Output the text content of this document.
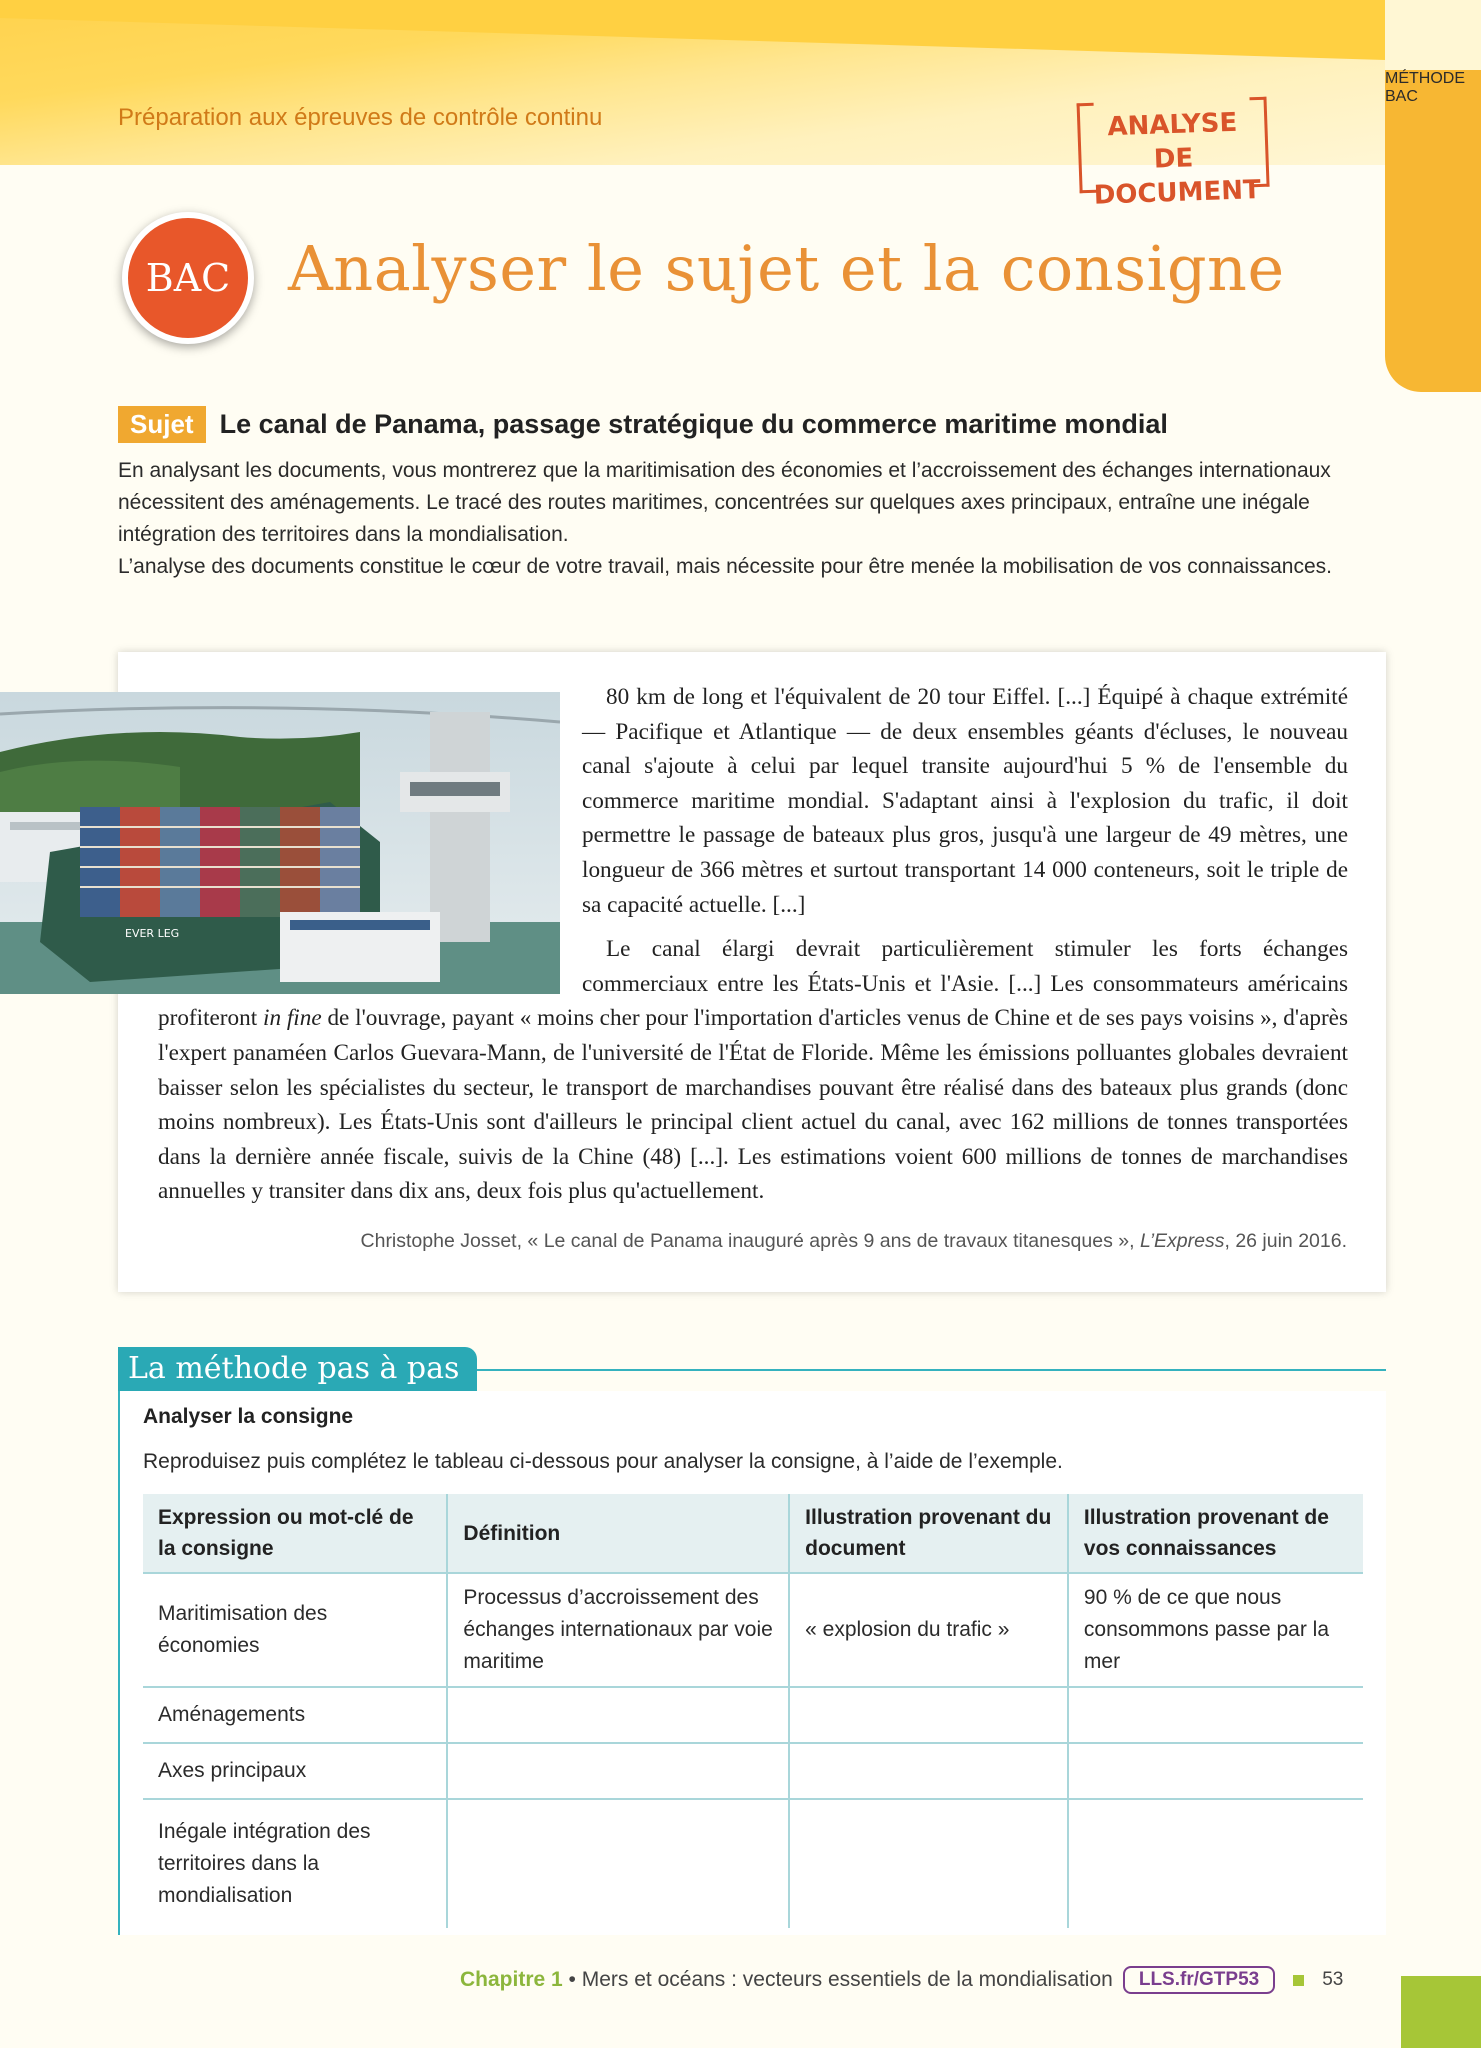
Préparation aux épreuves de contrôle continu	ANALYSE DE
DOCUMENT
MÉTHODE BAC
BAC Analyser le sujet et la consigne
Sujet Le canal de Panama, passage stratégique du commerce maritime mondial

En analysant les documents, vous montrerez que la maritimisation des économies et l’accroissement des échanges internationaux nécessitent des aménagements. Le tracé des routes maritimes, concentrées sur quelques axes principaux, entraîne une inégale intégration des territoires dans la mondialisation.

L’analyse des documents constitue le cœur de votre travail, mais nécessite pour être menée la mobilisation de vos connaissances.

EVER LEG

80 km de long et l'équivalent de 20 tour Eiffel. [...] Équipé à chaque extrémité — Pacifique et Atlantique — de deux ensembles géants d'écluses, le nouveau canal s'ajoute à celui par lequel transite aujourd'hui 5 % de l'ensemble du commerce maritime mondial. S'adaptant ainsi à l'explosion du trafic, il doit permettre le passage de bateaux plus gros, jusqu'à une largeur de 49 mètres, une longueur de 366 mètres et surtout transportant 14 000 conteneurs, soit le triple de sa capacité actuelle. [...]

Le canal élargi devrait particulièrement stimuler les forts échanges commerciaux entre les États-Unis et l'Asie. [...] Les consommateurs américains profiteront in fine de l'ouvrage, payant « moins cher pour l'importation d'articles venus de Chine et de ses pays voisins », d'après l'expert panaméen Carlos Guevara-Mann, de l'université de l'État de Floride. Même les émissions polluantes globales devraient baisser selon les spécialistes du secteur, le transport de marchandises pouvant être réalisé dans des bateaux plus grands (donc moins nombreux). Les États-Unis sont d'ailleurs le principal client actuel du canal, avec 162 millions de tonnes transportées dans la dernière année fiscale, suivis de la Chine (48) [...]. Les estimations voient 600 millions de tonnes de marchandises annuelles y transiter dans dix ans, deux fois plus qu'actuellement.

Christophe Josset, « Le canal de Panama inauguré après 9 ans de travaux titanesques », L’Express, 26 juin 2016.
La méthode pas à pas
Analyser la consigne
Reproduisez puis complétez le tableau ci-dessous pour analyser la consigne, à l’aide de l’exemple.
Expression ou mot-clé de la consigne	Définition	Illustration provenant du document	Illustration provenant de vos connaissances
Maritimisation des économies	Processus d’accroissement des échanges internationaux par voie maritime	« explosion du trafic »	90 % de ce que nous consommons passe par la mer
Aménagements			
Axes principaux			
Inégale intégration des territoires dans la mondialisation			
Chapitre 1 • Mers et océans : vecteurs essentiels de la mondialisation	LLS.fr/GTP53	53
